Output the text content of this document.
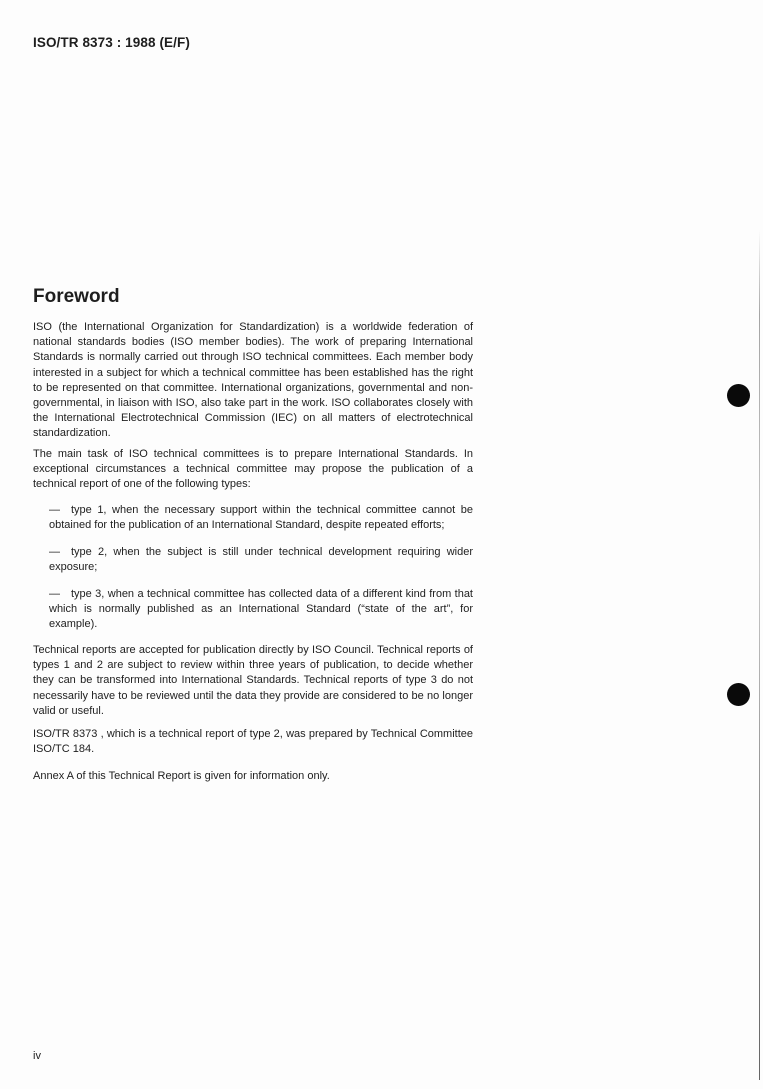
ISO/TR 8373 : 1988 (E/F)

Foreword

ISO (the International Organization for Standardization) is a worldwide federation of national standards bodies (ISO member bodies). The work of preparing International Standards is normally carried out through ISO technical committees. Each member body interested in a subject for which a technical committee has been established has the right to be represented on that committee. International organizations, governmental and non-governmental, in liaison with ISO, also take part in the work. ISO collaborates closely with the International Electrotechnical Commission (IEC) on all matters of electrotechnical standardization.

The main task of ISO technical committees is to prepare International Standards. In exceptional circumstances a technical committee may propose the publication of a technical report of one of the following types:

— type 1, when the necessary support within the technical committee cannot be obtained for the publication of an International Standard, despite repeated efforts;

— type 2, when the subject is still under technical development requiring wider exposure;

— type 3, when a technical committee has collected data of a different kind from that which is normally published as an International Standard (“state of the art”, for example).

Technical reports are accepted for publication directly by ISO Council. Technical reports of types 1 and 2 are subject to review within three years of publication, to decide whether they can be transformed into International Standards. Technical reports of type 3 do not necessarily have to be reviewed until the data they provide are considered to be no longer valid or useful.

ISO/TR 8373 , which is a technical report of type 2, was prepared by Technical Committee ISO/TC 184.

Annex A of this Technical Report is given for information only.

iv
